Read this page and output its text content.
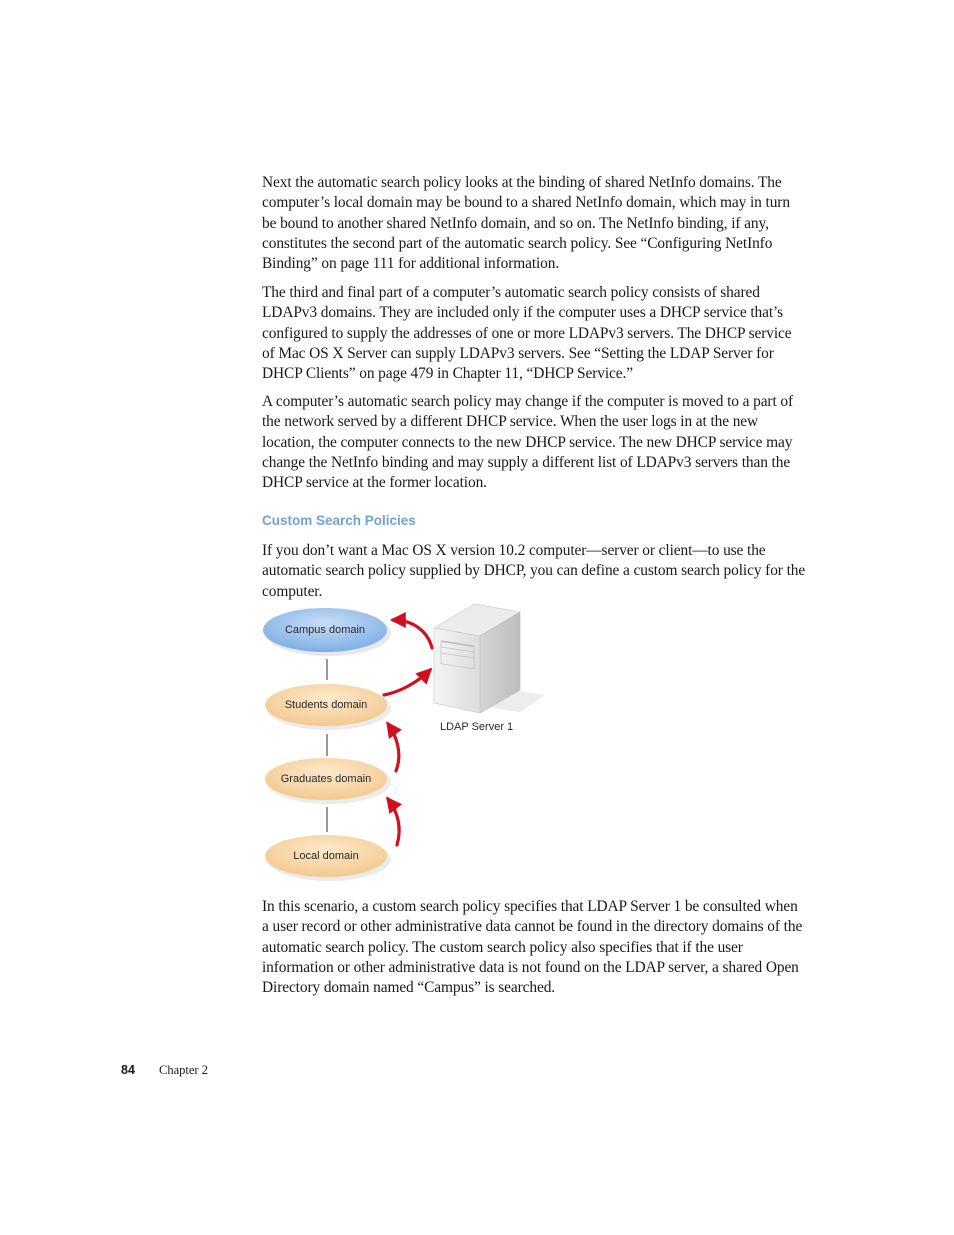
Next the automatic search policy looks at the binding of shared NetInfo domains. The computer’s local domain may be bound to a shared NetInfo domain, which may in turn be bound to another shared NetInfo domain, and so on. The NetInfo binding, if any, constitutes the second part of the automatic search policy. See “Configuring NetInfo Binding” on page 111 for additional information.

The third and final part of a computer’s automatic search policy consists of shared LDAPv3 domains. They are included only if the computer uses a DHCP service that’s configured to supply the addresses of one or more LDAPv3 servers. The DHCP service of Mac OS X Server can supply LDAPv3 servers. See “Setting the LDAP Server for DHCP Clients” on page 479 in Chapter 11, “DHCP Service.”

A computer’s automatic search policy may change if the computer is moved to a part of the network served by a different DHCP service. When the user logs in at the new location, the computer connects to the new DHCP service. The new DHCP service may change the NetInfo binding and may supply a different list of LDAPv3 servers than the DHCP service at the former location.

Custom Search Policies

If you don’t want a Mac OS X version 10.2 computer—server or client—to use the automatic search policy supplied by DHCP, you can define a custom search policy for the computer.

Campus domain
Students domain
Graduates domain
Local domain
LDAP Server 1

In this scenario, a custom search policy specifies that LDAP Server 1 be consulted when a user record or other administrative data cannot be found in the directory domains of the automatic search policy. The custom search policy also specifies that if the user information or other administrative data is not found on the LDAP server, a shared Open Directory domain named “Campus” is searched.

84 Chapter 2
